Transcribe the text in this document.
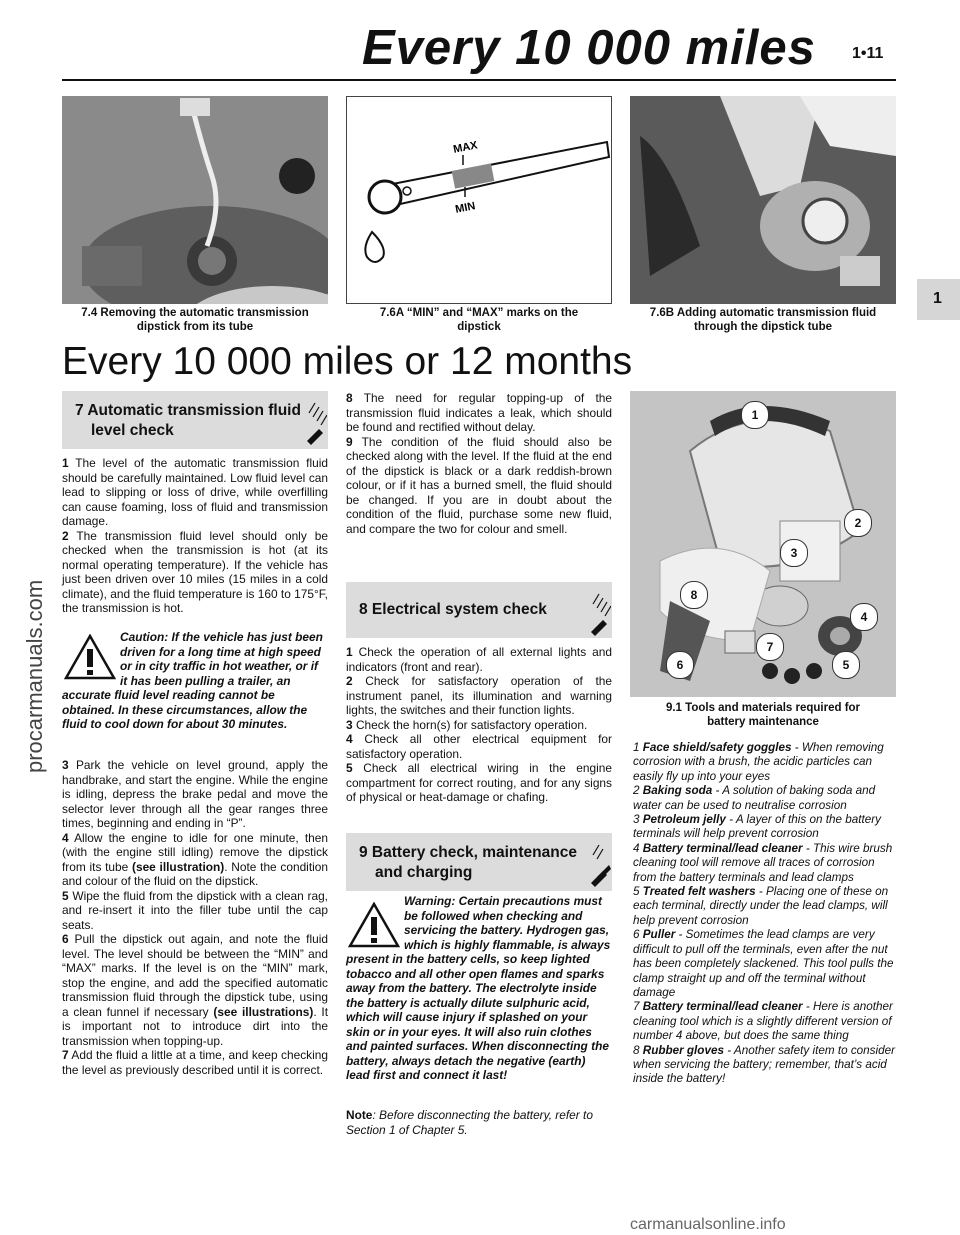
Every 10 000 miles 1•11
1
procarmanuals.com
7.4 Removing the automatic transmission
dipstick from its tube
MAX
MIN
7.6A “MIN” and “MAX” marks on the
dipstick
7.6B Adding automatic transmission fluid
through the dipstick tube
Every 10 000 miles or 12 months
7 Automatic transmission fluid
level check

1 The level of the automatic transmission fluid should be carefully maintained. Low fluid level can lead to slipping or loss of drive, while overfilling can cause foaming, loss of fluid and transmission damage.

2 The transmission fluid level should only be checked when the transmission is hot (at its normal operating temperature). If the vehicle has just been driven over 10 miles (15 miles in a cold climate), and the fluid temperature is 160 to 175°F, the transmission is hot.

Caution: If the vehicle has just been driven for a long time at high speed or in city traffic in hot weather, or if it has been pulling a trailer, an accurate fluid level reading cannot be obtained. In these circumstances, allow the fluid to cool down for about 30 minutes.

3 Park the vehicle on level ground, apply the handbrake, and start the engine. While the engine is idling, depress the brake pedal and move the selector lever through all the gear ranges three times, beginning and ending in “P”.

4 Allow the engine to idle for one minute, then (with the engine still idling) remove the dipstick from its tube (see illustration). Note the condition and colour of the fluid on the dipstick.

5 Wipe the fluid from the dipstick with a clean rag, and re-insert it into the filler tube until the cap seats.

6 Pull the dipstick out again, and note the fluid level. The level should be between the “MIN” and “MAX” marks. If the level is on the “MIN” mark, stop the engine, and add the specified automatic transmission fluid through the dipstick tube, using a clean funnel if necessary (see illustrations). It is important not to introduce dirt into the transmission when topping-up.

7 Add the fluid a little at a time, and keep checking the level as previously described until it is correct.

8 The need for regular topping-up of the transmission fluid indicates a leak, which should be found and rectified without delay.

9 The condition of the fluid should also be checked along with the level. If the fluid at the end of the dipstick is black or a dark reddish-brown colour, or if it has a burned smell, the fluid should be changed. If you are in doubt about the condition of the fluid, purchase some new fluid, and compare the two for colour and smell.

8 Electrical system check

1 Check the operation of all external lights and indicators (front and rear).

2 Check for satisfactory operation of the instrument panel, its illumination and warning lights, the switches and their function lights.

3 Check the horn(s) for satisfactory operation.

4 Check all other electrical equipment for satisfactory operation.

5 Check all electrical wiring in the engine compartment for correct routing, and for any signs of physical or heat-damage or chafing.

9 Battery check, maintenance
and charging
Warning: Certain precautions must be followed when checking and servicing the battery. Hydrogen gas, which is highly flammable, is always present in the battery cells, so keep lighted tobacco and all other open flames and sparks away from the battery. The electrolyte inside the battery is actually dilute sulphuric acid, which will cause injury if splashed on your skin or in your eyes. It will also ruin clothes and painted surfaces. When disconnecting the battery, always detach the negative (earth) lead first and connect it last!
Note: Before disconnecting the battery, refer to Section 1 of Chapter 5.
1
2
3
4
5
6
7
8
9.1 Tools and materials required for
battery maintenance

1 Face shield/safety goggles - When removing corrosion with a brush, the acidic particles can easily fly up into your eyes

2 Baking soda - A solution of baking soda and water can be used to neutralise corrosion

3 Petroleum jelly - A layer of this on the battery terminals will help prevent corrosion

4 Battery terminal/lead cleaner - This wire brush cleaning tool will remove all traces of corrosion from the battery terminals and lead clamps

5 Treated felt washers - Placing one of these on each terminal, directly under the lead clamps, will help prevent corrosion

6 Puller - Sometimes the lead clamps are very difficult to pull off the terminals, even after the nut has been completely slackened. This tool pulls the clamp straight up and off the terminal without damage

7 Battery terminal/lead cleaner - Here is another cleaning tool which is a slightly different version of number 4 above, but does the same thing

8 Rubber gloves - Another safety item to consider when servicing the battery; remember, that’s acid inside the battery!

carmanualsonline.info
